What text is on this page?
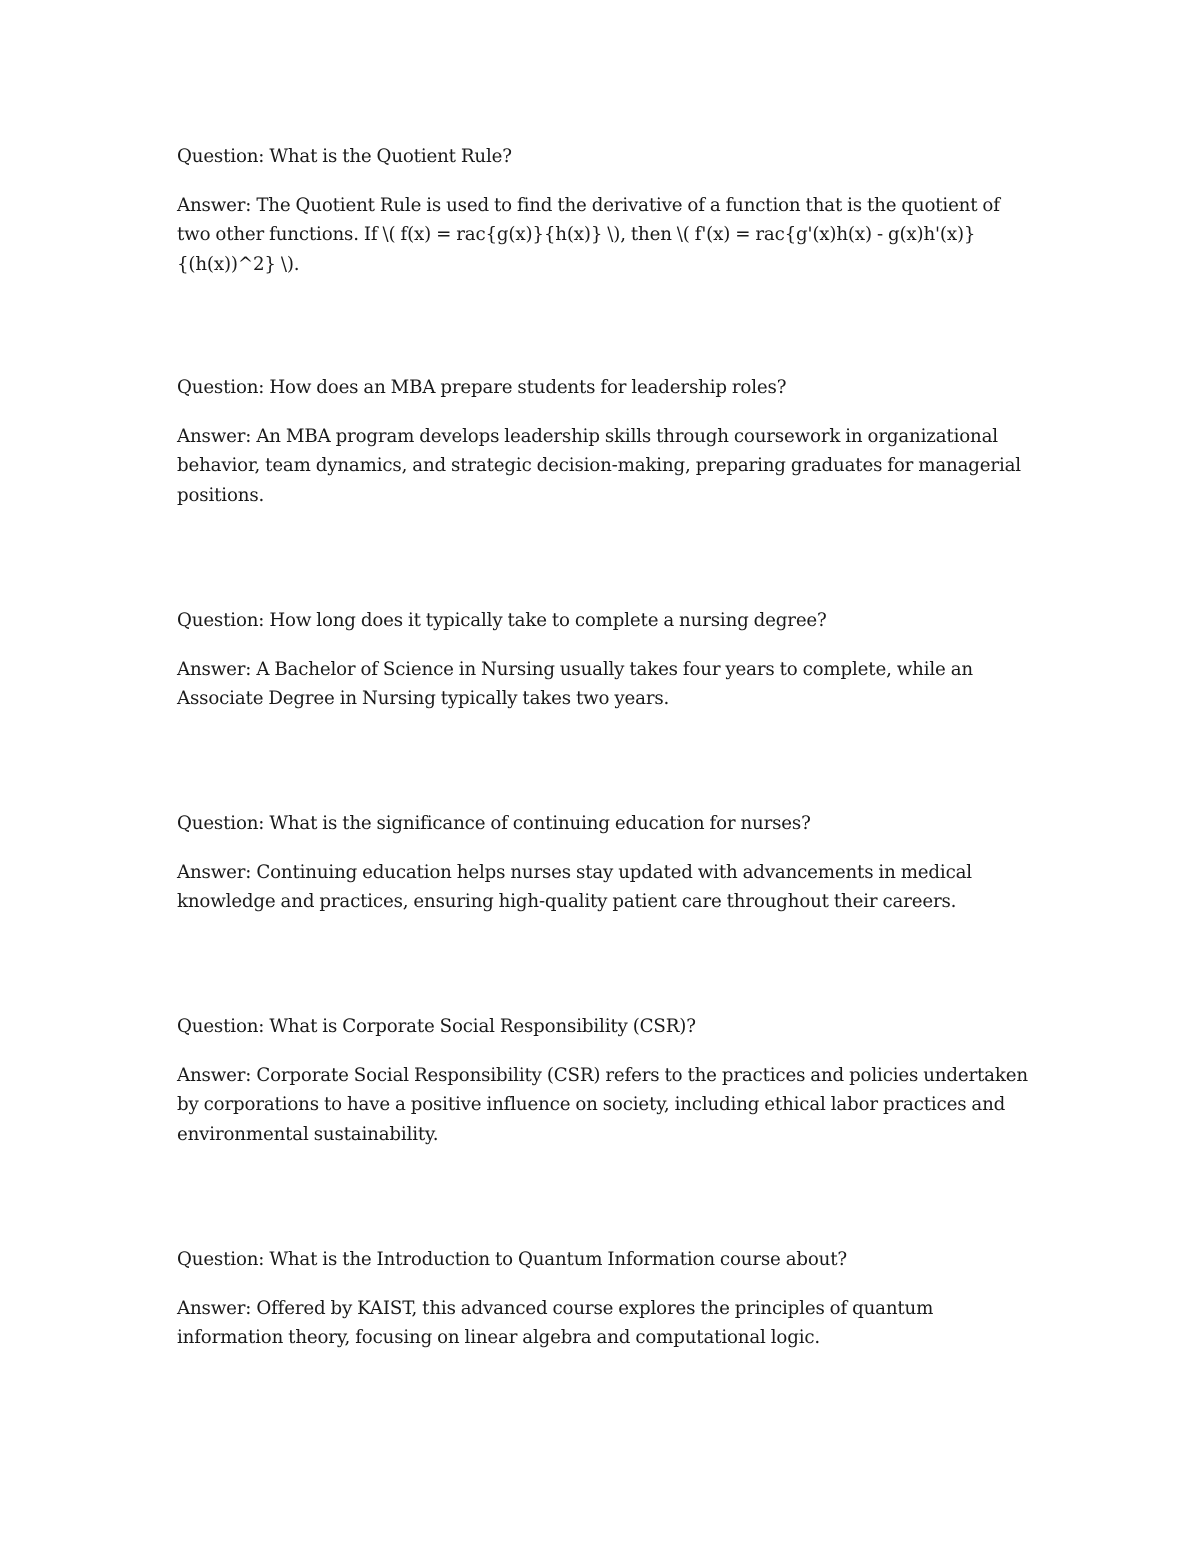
Question: What is the Quotient Rule?

Answer: The Quotient Rule is used to find the derivative of a function that is the quotient of two other functions. If \( f(x) = rac{g(x)}{h(x)} \), then \( f'(x) = rac{g'(x)h(x) - g(x)h'(x)}{(h(x))^2} \).

Question: How does an MBA prepare students for leadership roles?

Answer: An MBA program develops leadership skills through coursework in organizational behavior, team dynamics, and strategic decision-making, preparing graduates for managerial positions.

Question: How long does it typically take to complete a nursing degree?

Answer: A Bachelor of Science in Nursing usually takes four years to complete, while an Associate Degree in Nursing typically takes two years.

Question: What is the significance of continuing education for nurses?

Answer: Continuing education helps nurses stay updated with advancements in medical knowledge and practices, ensuring high-quality patient care throughout their careers.

Question: What is Corporate Social Responsibility (CSR)?

Answer: Corporate Social Responsibility (CSR) refers to the practices and policies undertaken by corporations to have a positive influence on society, including ethical labor practices and environmental sustainability.

Question: What is the Introduction to Quantum Information course about?

Answer: Offered by KAIST, this advanced course explores the principles of quantum information theory, focusing on linear algebra and computational logic.
